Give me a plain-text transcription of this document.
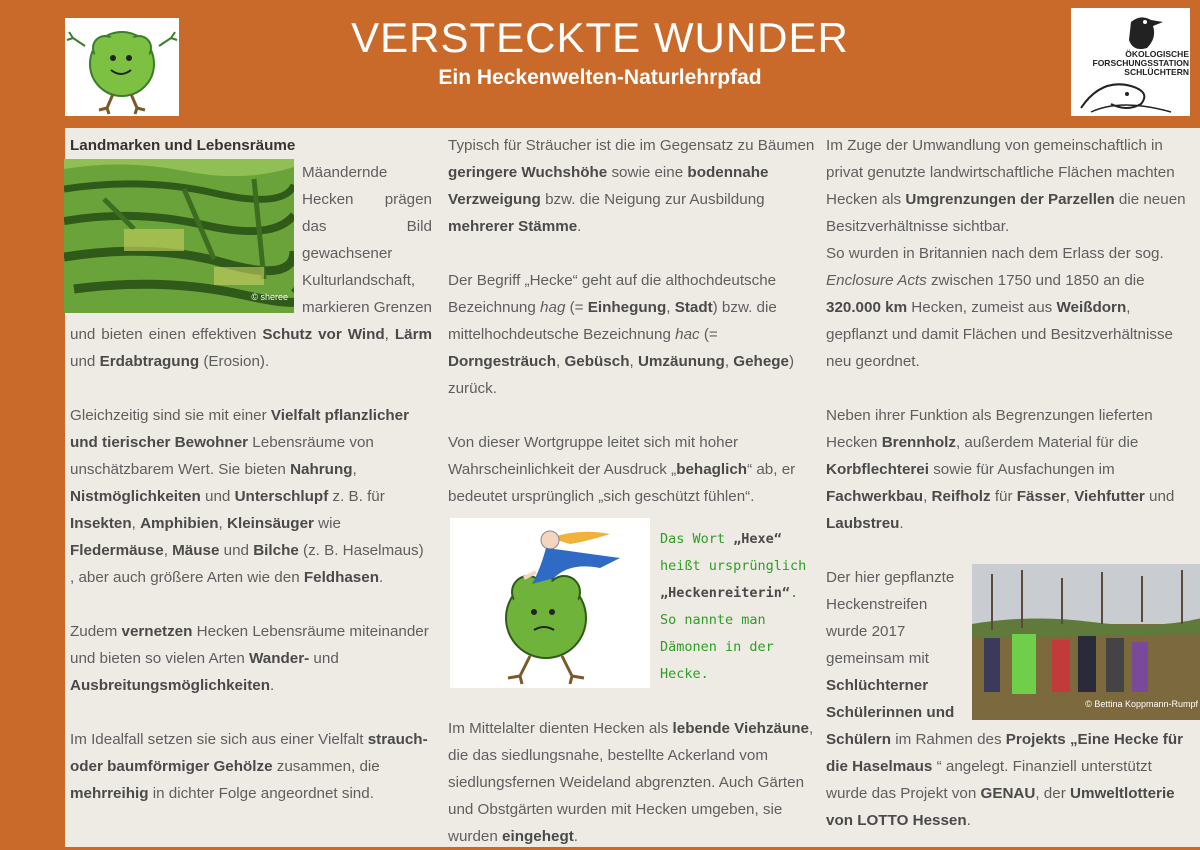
VERSTECKTE WUNDER
Ein Heckenwelten-Naturlehrpfad
ÖKOLOGISCHE
FORSCHUNGSSTATION
SCHLÜCHTERN
Landmarken und Lebensräume
© sheree

Mäandernde Hecken prägen das Bild gewachsener Kulturlandschaft, markieren Grenzen und bieten einen effektiven Schutz vor Wind, Lärm und Erdabtragung (Erosion).

Gleichzeitig sind sie mit einer Vielfalt pflanzlicher und tierischer Bewohner Lebensräume von unschätzbarem Wert. Sie bieten Nahrung, Nistmöglichkeiten und Unterschlupf z. B. für Insekten, Amphibien, Kleinsäuger wie Fledermäuse, Mäuse und Bilche (z. B. Haselmaus) , aber auch größere Arten wie den Feldhasen.

Zudem vernetzen Hecken Lebensräume miteinander und bieten so vielen Arten Wander- und Ausbreitungsmöglichkeiten.

Im Idealfall setzen sie sich aus einer Vielfalt strauch- oder baumförmiger Gehölze zusammen, die mehrreihig in dichter Folge angeordnet sind.

Typisch für Sträucher ist die im Gegensatz zu Bäumen geringere Wuchshöhe sowie eine bodennahe Verzweigung bzw. die Neigung zur Ausbildung mehrerer Stämme.

Der Begriff „Hecke“ geht auf die althochdeutsche Bezeichnung hag (= Einhegung, Stadt) bzw. die mittelhochdeutsche Bezeichnung hac (= Dorngesträuch, Gebüsch, Umzäunung, Gehege) zurück.

Von dieser Wortgruppe leitet sich mit hoher Wahrscheinlichkeit der Ausdruck „behaglich“ ab, er bedeutet ursprünglich „sich geschützt fühlen“.

Das Wort „Hexe“ heißt ursprünglich „Heckenreiterin“. So nannte man Dämonen in der Hecke.

Im Mittelalter dienten Hecken als lebende Viehzäune, die das siedlungsnahe, bestellte Ackerland vom siedlungsfernen Weideland abgrenzten. Auch Gärten und Obstgärten wurden mit Hecken umgeben, sie wurden eingehegt.

Im Zuge der Umwandlung von gemeinschaftlich in privat genutzte landwirtschaftliche Flächen machten Hecken als Umgrenzungen der Parzellen die neuen Besitzverhältnisse sichtbar.

So wurden in Britannien nach dem Erlass der sog. Enclosure Acts zwischen 1750 und 1850 an die 320.000 km Hecken, zumeist aus Weißdorn, gepflanzt und damit Flächen und Besitzverhältnisse neu geordnet.

Neben ihrer Funktion als Begrenzungen lieferten Hecken Brennholz, außerdem Material für die Korbflechterei sowie für Ausfachungen im Fachwerkbau, Reifholz für Fässer, Viehfutter und Laubstreu.

© Bettina Koppmann-Rumpf

Der hier gepflanzte Heckenstreifen wurde 2017 gemeinsam mit Schlüchterner Schülerinnen und Schülern im Rahmen des Projekts „Eine Hecke für die Haselmaus “ angelegt. Finanziell unterstützt wurde das Projekt von GENAU, der Umweltlotterie von LOTTO Hessen.
